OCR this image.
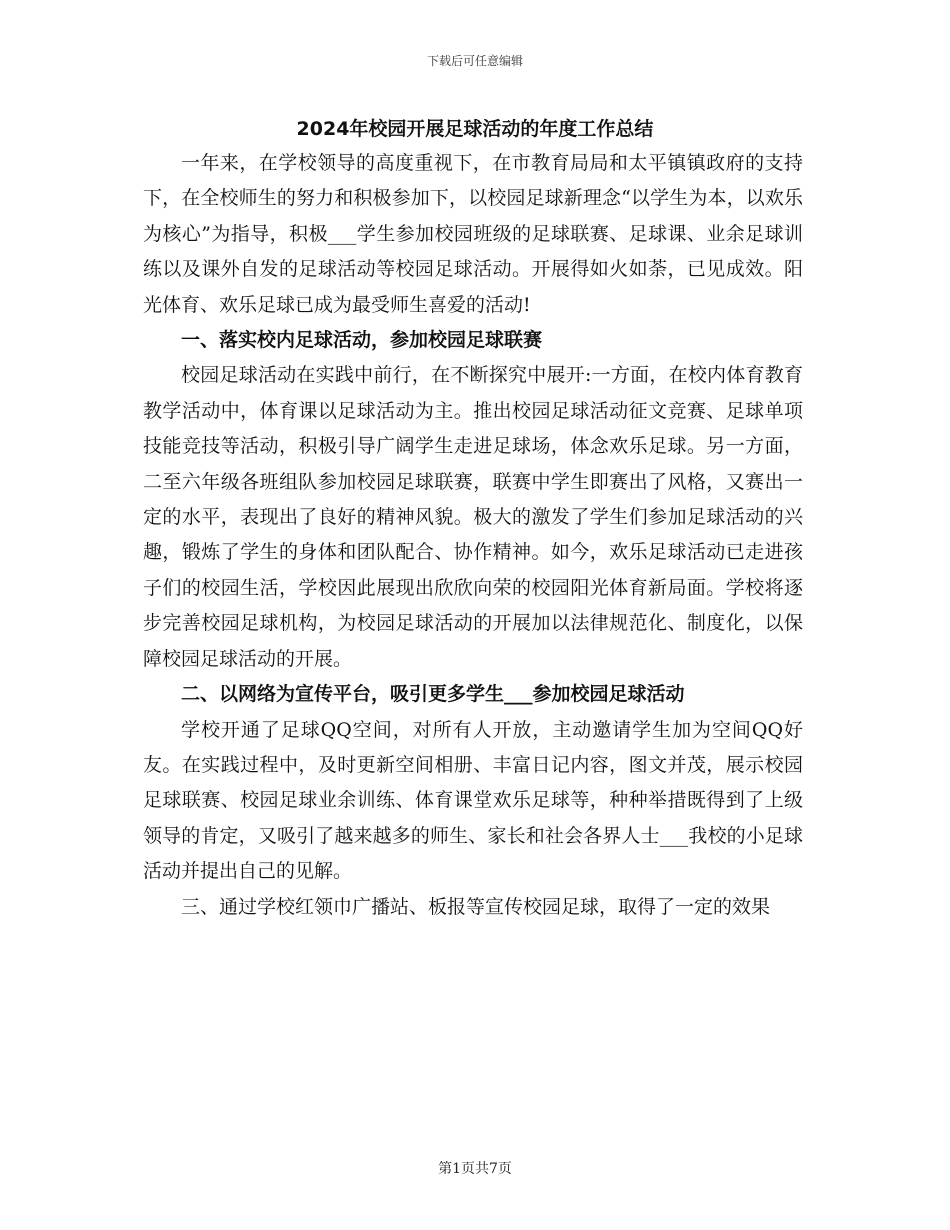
下载后可任意编辑
2024年校园开展足球活动的年度工作总结

一年来，在学校领导的高度重视下，在市教育局局和太平镇镇政府的支持下，在全校师生的努力和积极参加下，以校园足球新理念“以学生为本，以欢乐为核心”为指导，积极___学生参加校园班级的足球联赛、足球课、业余足球训练以及课外自发的足球活动等校园足球活动。开展得如火如荼，已见成效。阳光体育、欢乐足球已成为最受师生喜爱的活动!

一、落实校内足球活动，参加校园足球联赛

校园足球活动在实践中前行，在不断探究中展开:一方面，在校内体育教育教学活动中，体育课以足球活动为主。推出校园足球活动征文竞赛、足球单项技能竞技等活动，积极引导广阔学生走进足球场，体念欢乐足球。另一方面，二至六年级各班组队参加校园足球联赛，联赛中学生即赛出了风格，又赛出一定的水平，表现出了良好的精神风貌。极大的激发了学生们参加足球活动的兴趣，锻炼了学生的身体和团队配合、协作精神。如今，欢乐足球活动已走进孩子们的校园生活，学校因此展现出欣欣向荣的校园阳光体育新局面。学校将逐步完善校园足球机构，为校园足球活动的开展加以法律规范化、制度化，以保障校园足球活动的开展。

二、以网络为宣传平台，吸引更多学生___参加校园足球活动

学校开通了足球QQ空间，对所有人开放，主动邀请学生加为空间QQ好友。在实践过程中，及时更新空间相册、丰富日记内容，图文并茂，展示校园足球联赛、校园足球业余训练、体育课堂欢乐足球等，种种举措既得到了上级领导的肯定，又吸引了越来越多的师生、家长和社会各界人士___我校的小足球活动并提出自己的见解。

三、通过学校红领巾广播站、板报等宣传校园足球，取得了一定的效果

第1页共7页
